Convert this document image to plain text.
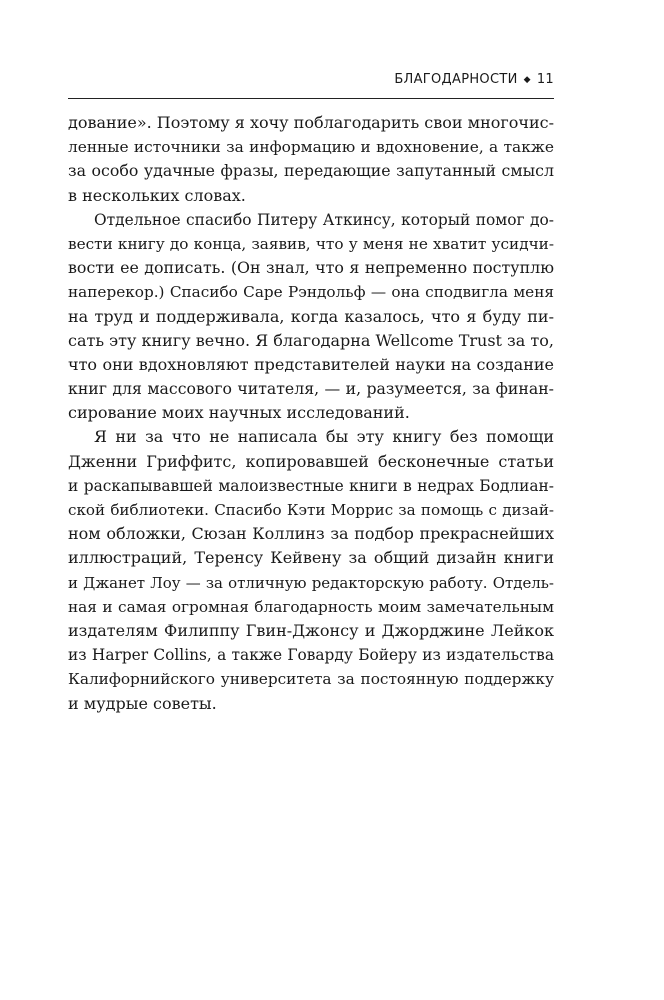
БЛАГОДАРНОСТИ ◆ 11
дование». Поэтому я хочу поблагодарить свои многочис-
ленные источники за информацию и вдохновение, а также
за особо удачные фразы, передающие запутанный смысл
в нескольких словах.
Отдельное спасибо Питеру Аткинсу, который помог до-
вести книгу до конца, заявив, что у меня не хватит усидчи-
вости ее дописать. (Он знал, что я непременно поступлю
наперекор.) Спасибо Саре Рэндольф — она сподвигла меня
на труд и поддерживала, когда казалось, что я буду пи-
сать эту книгу вечно. Я благодарна Wellcome Trust за то,
что они вдохновляют представителей науки на создание
книг для массового читателя, — и, разумеется, за финан-
сирование моих научных исследований.
Я ни за что не написала бы эту книгу без помощи
Дженни Гриффитс, копировавшей бесконечные статьи
и раскапывавшей малоизвестные книги в недрах Бодлиан-
ской библиотеки. Спасибо Кэти Моррис за помощь с дизай-
ном обложки, Сюзан Коллинз за подбор прекраснейших
иллюстраций, Теренсу Кейвену за общий дизайн книги
и Джанет Лоу — за отличную редакторскую работу. Отдель-
ная и самая огромная благодарность моим замечательным
издателям Филиппу Гвин-Джонсу и Джорджине Лейкок
из Harper Collins, а также Говарду Бойеру из издательства
Калифорнийского университета за постоянную поддержку
и мудрые советы.
